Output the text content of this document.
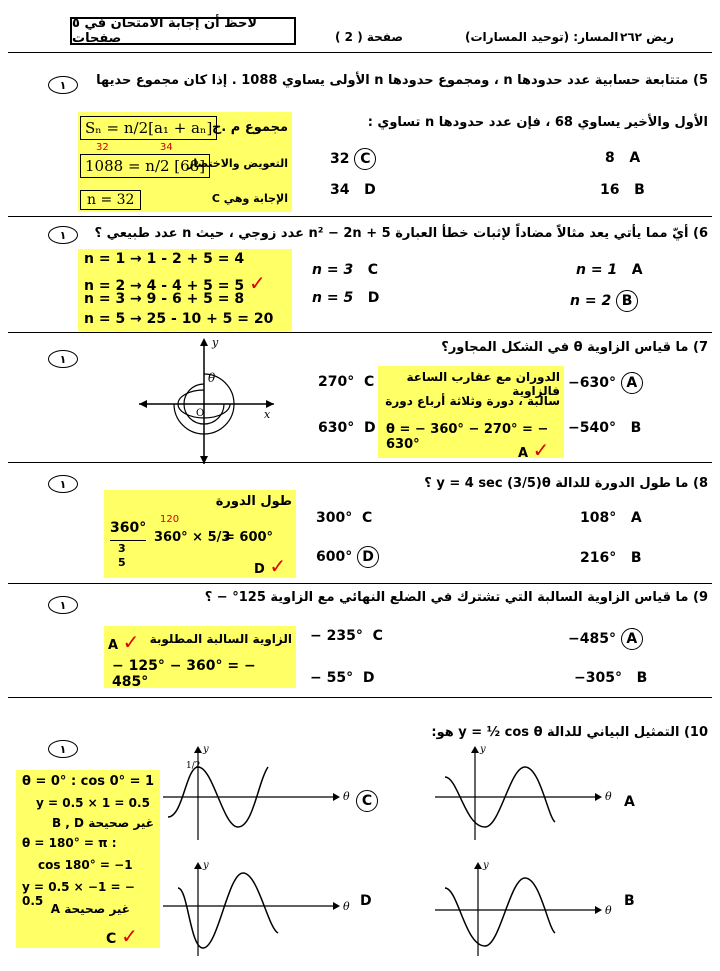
لاحظ أن إجابة الامتحان في ٥ صفحات	صفحة ( 2 )	المسار: (توحيد المسارات) ريض ٢٦٢
١	5) متتابعة حسابية عدد حدودها n ، ومجموع حدودها n الأولى يساوي 1088 . إذا كان مجموع حديها
الأول والأخير يساوي 68 ، فإن عدد حدودها n تساوي :
8   A
16   B
32 C
34   D
مجموع م .ح
التعويض والاختصار
الإجابة وهي C
Sₙ = n/2[a₁ + aₙ]
1088 = n/2 [68]
32	34
n = 32
١	6) أيّ مما يأتي يعد مثالاً مضاداً لإثبات خطأ العبارة n² − 2n + 5 عدد زوجي ، حيث n عدد طبيعي ؟
n = 1   A
n = 2 B
n = 3   C
n = 5   D
n = 1 → 1 - 2 + 5 = 4
n = 2 → 4 - 4 + 5 = 5 ✓
n = 3 → 9 - 6 + 5 = 8
n = 5 → 25 - 10 + 5 = 20
١
7) ما قياس الزاوية θ في الشكل المجاور؟
y
x
θ
O
−630° A
−540°   B
270°  C
630°  D
الدوران مع عقارب الساعة فالزاوية
سالبة ، دورة وثلاثة أرباع دورة
θ = − 360° − 270° = − 630°
A ✓
١	8) ما طول الدورة للدالة y = 4 sec (3/5)θ ؟
108°   A
216°   B
300°  C
600° D
طول الدورة
360°
3
5
120
360° × 5/3
= 600°
D ✓
١	9) ما قياس الزاوية السالبة التي تشترك في الضلع النهائي مع الزاوية 125° − ؟
−485° A
−305°   B
− 235°  C
− 55°  D
الزاوية السالبة المطلوبة
A ✓
− 125° − 360° = − 485°
١
10) التمثيل البياني للدالة y = ½ cos θ هو:
θ = 0° : cos 0° = 1
y = 0.5 × 1 = 0.5
غير صحيحة B , D
θ = 180° = π :
cos 180° = −1
y = 0.5 × −1 = − 0.5
غير صحيحة A
C ✓
1/2
θ
y
C	θ
y
A
θ
y
D
θ
y
B
